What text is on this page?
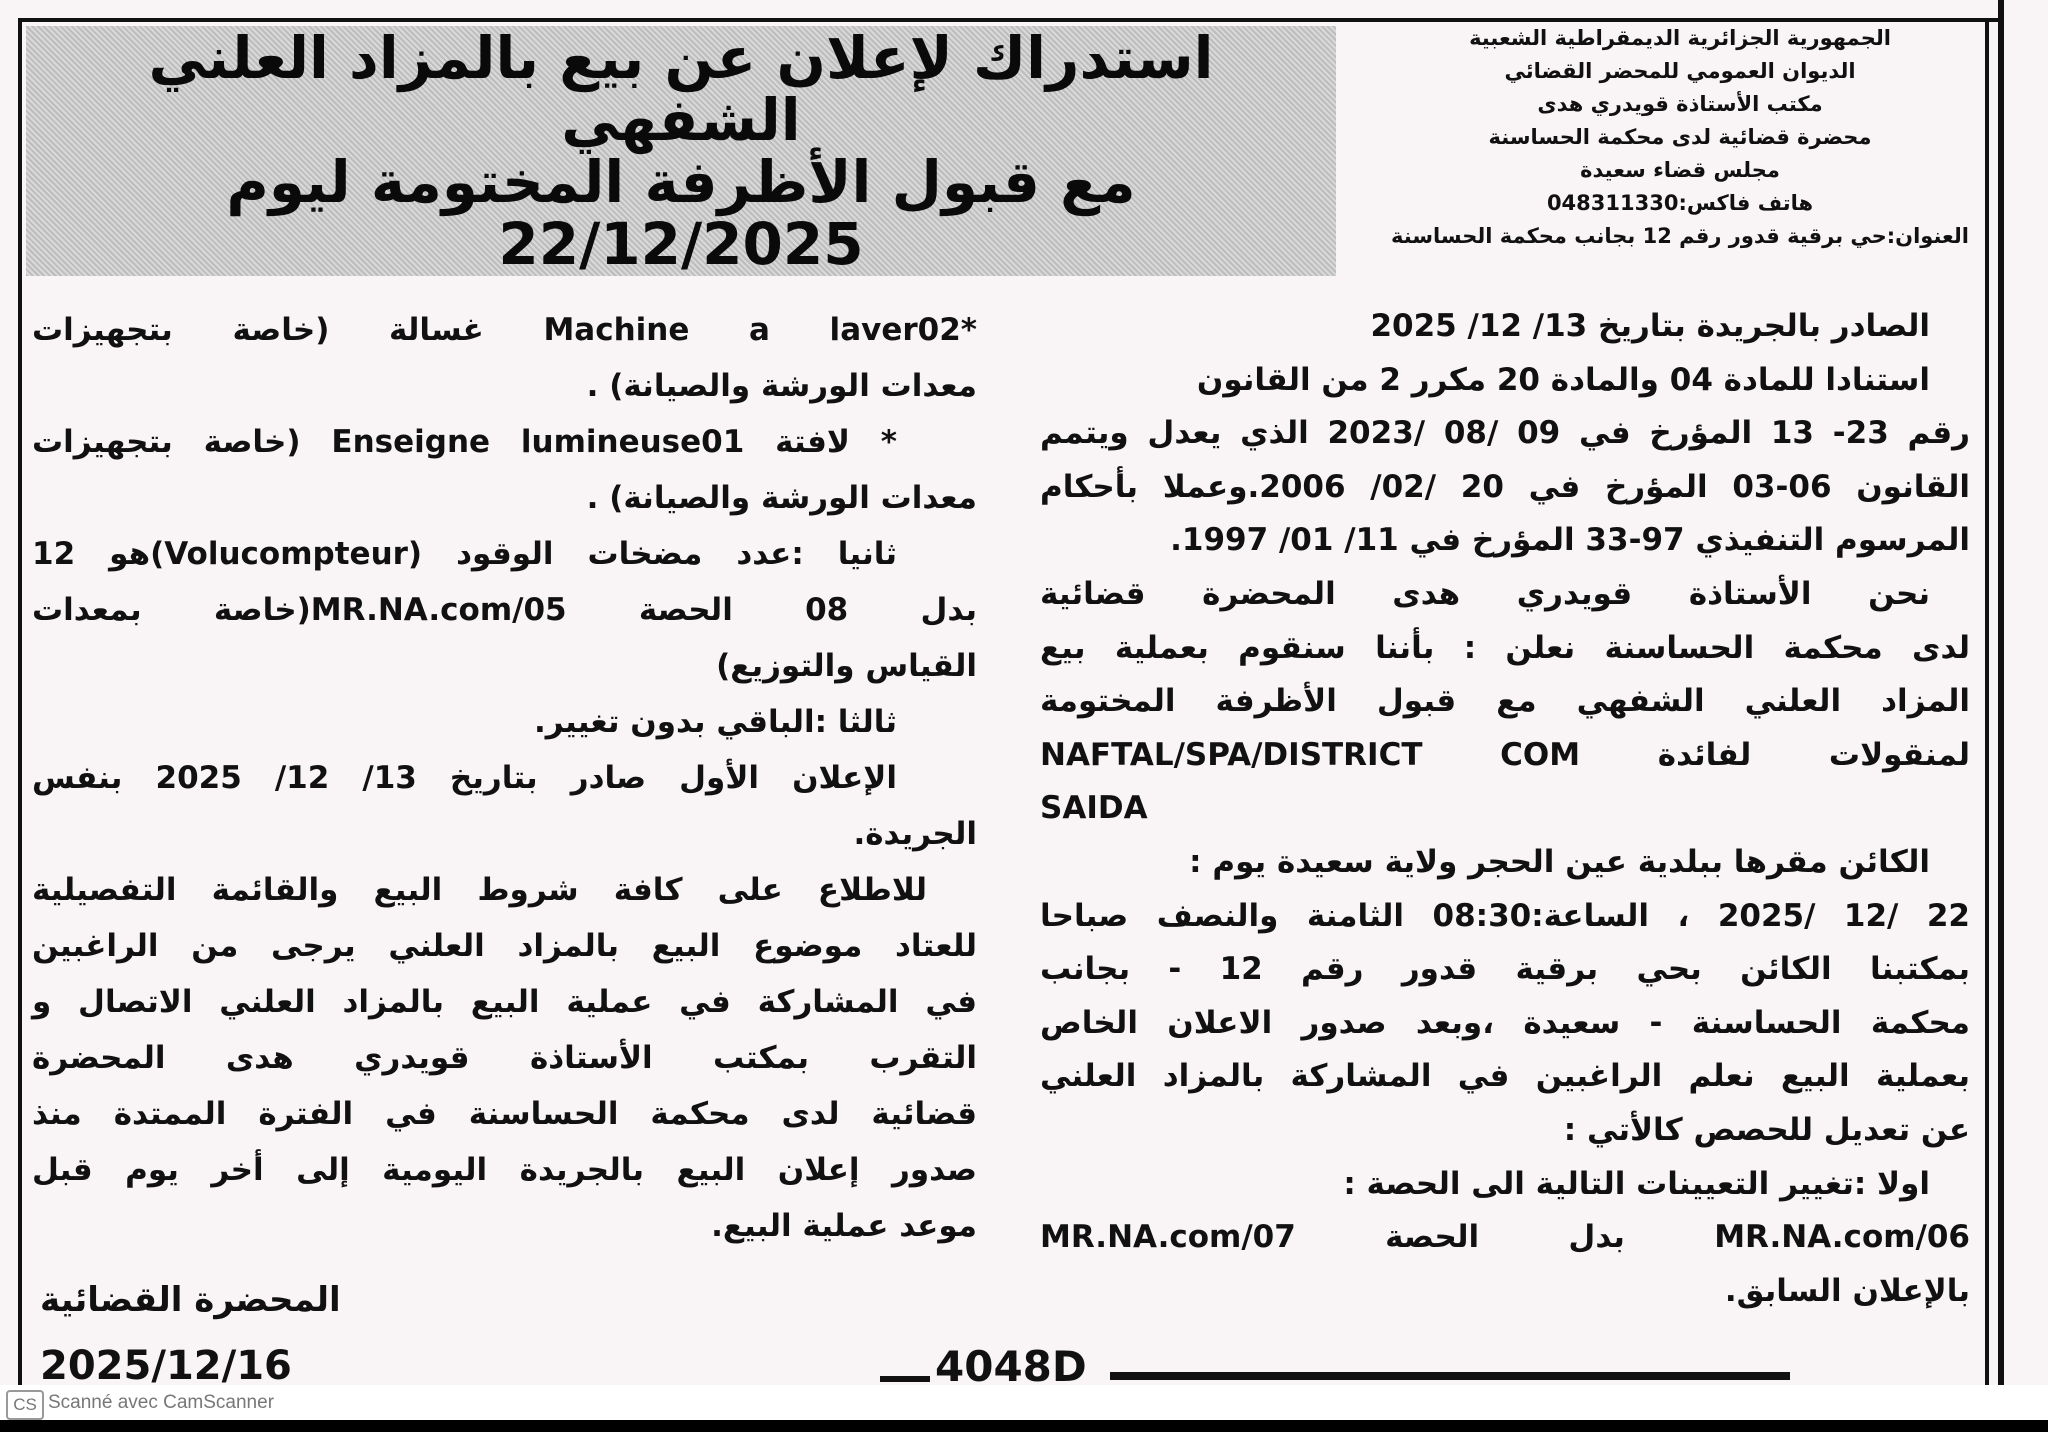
استدراك لإعلان عن بيع بالمزاد العلني الشفهي
مع قبول الأظرفة المختومة ليوم 22/12/2025
الجمهورية الجزائرية الديمقراطية الشعبية
الديوان العمومي للمحضر القضائي
مكتب الأستاذة قويدري هدى
محضرة قضائية لدى محكمة الحساسنة
مجلس قضاء سعيدة
هاتف فاكس:048311330
العنوان:حي برقية قدور رقم 12 بجانب محكمة الحساسنة
الصادر بالجريدة بتاريخ 13/ 12/ 2025
استنادا للمادة 04 والمادة 20 مكرر 2 من القانون
رقم 23- 13 المؤرخ في 09 /08 /2023 الذي يعدل ويتمم
القانون 06-03 المؤرخ في 20 /02/ 2006.وعملا بأحكام
المرسوم التنفيذي 97-33 المؤرخ في 11/ 01/ 1997.
نحن الأستاذة قويدري هدى المحضرة قضائية
لدى محكمة الحساسنة نعلن : بأننا سنقوم بعملية بيع
المزاد العلني الشفهي مع قبول الأظرفة المختومة
لمنقولات لفائدة NAFTAL/SPA/DISTRICT COM
SAIDA
الكائن مقرها ببلدية عين الحجر ولاية سعيدة يوم :
22 /12 /2025 ، الساعة:08:30 الثامنة والنصف صباحا
بمكتبنا الكائن بحي برقية قدور رقم 12 - بجانب
محكمة الحساسنة - سعيدة ،وبعد صدور الاعلان الخاص
بعملية البيع نعلم الراغبين في المشاركة بالمزاد العلني
عن تعديل للحصص كالأتي :
اولا :تغيير التعيينات التالية الى الحصة :
MR.NA.com/06 بدل الحصة MR.NA.com/07
بالإعلان السابق.
*Machine a laver02 غسالة (خاصة بتجهيزات
معدات الورشة والصيانة) .
* لافتة Enseigne lumineuse01 (خاصة بتجهيزات
معدات الورشة والصيانة) .
ثانيا :عدد مضخات الوقود (Volucompteur)هو 12
بدل 08 الحصة MR.NA.com/05(خاصة بمعدات
القياس والتوزيع)
ثالثا :الباقي بدون تغيير.
الإعلان الأول صادر بتاريخ 13/ 12/ 2025 بنفس
الجريدة.
للاطلاع على كافة شروط البيع والقائمة التفصيلية
للعتاد موضوع البيع بالمزاد العلني يرجى من الراغبين
في المشاركة في عملية البيع بالمزاد العلني الاتصال و
التقرب بمكتب الأستاذة قويدري هدى المحضرة
قضائية لدى محكمة الحساسنة في الفترة الممتدة منذ
صدور إعلان البيع بالجريدة اليومية إلى أخر يوم قبل
موعد عملية البيع.
المحضرة القضائية
2025/12/16	4048D
CS Scanné avec CamScanner
